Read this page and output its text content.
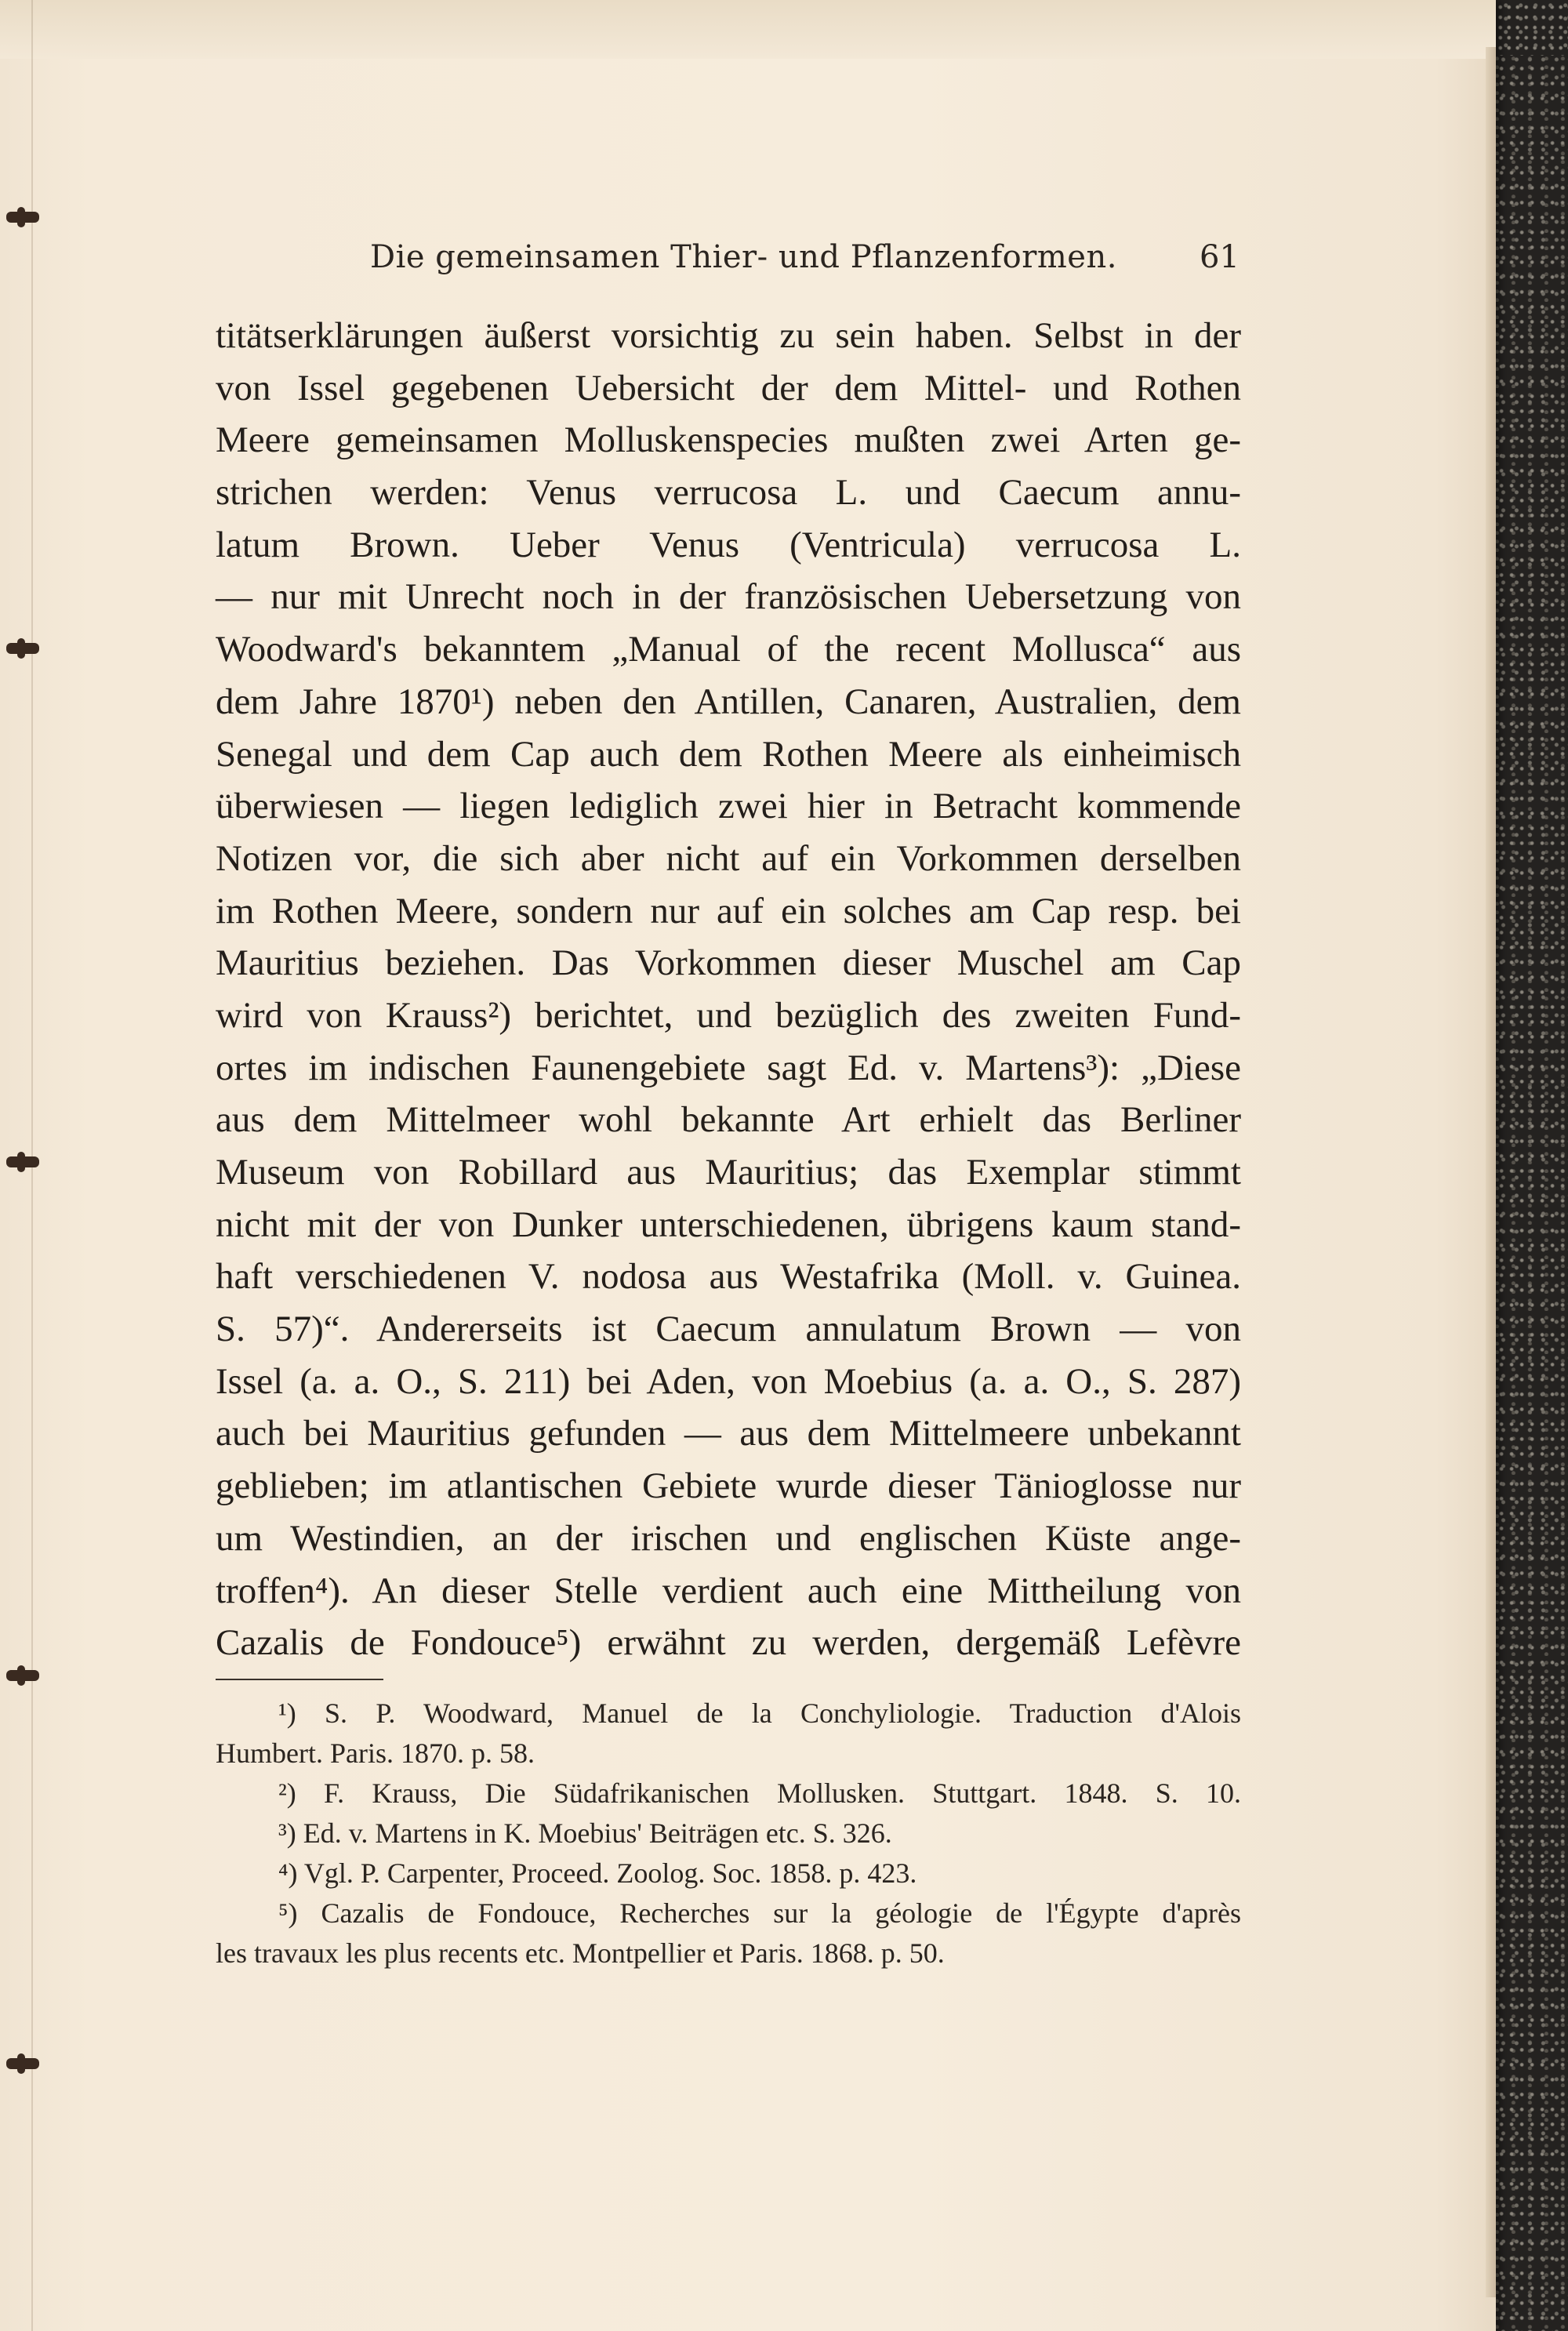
Die gemeinsamen Thier- und Pflanzenformen.	61
titätserklärungen äußerst vorsichtig zu sein haben. Selbst in der
von Issel gegebenen Uebersicht der dem Mittel- und Rothen
Meere gemeinsamen Molluskenspecies mußten zwei Arten ge-
strichen werden: Venus verrucosa L. und Caecum annu-
latum Brown. Ueber Venus (Ventricula) verrucosa L.
— nur mit Unrecht noch in der französischen Uebersetzung von
Woodward's bekanntem „Manual of the recent Mollusca“ aus
dem Jahre 1870¹) neben den Antillen, Canaren, Australien, dem
Senegal und dem Cap auch dem Rothen Meere als einheimisch
überwiesen — liegen lediglich zwei hier in Betracht kommende
Notizen vor, die sich aber nicht auf ein Vorkommen derselben
im Rothen Meere, sondern nur auf ein solches am Cap resp. bei
Mauritius beziehen. Das Vorkommen dieser Muschel am Cap
wird von Krauss²) berichtet, und bezüglich des zweiten Fund-
ortes im indischen Faunengebiete sagt Ed. v. Martens³): „Diese
aus dem Mittelmeer wohl bekannte Art erhielt das Berliner
Museum von Robillard aus Mauritius; das Exemplar stimmt
nicht mit der von Dunker unterschiedenen, übrigens kaum stand-
haft verschiedenen V. nodosa aus Westafrika (Moll. v. Guinea.
S. 57)“. Andererseits ist Caecum annulatum Brown — von
Issel (a. a. O., S. 211) bei Aden, von Moebius (a. a. O., S. 287)
auch bei Mauritius gefunden — aus dem Mittelmeere unbekannt
geblieben; im atlantischen Gebiete wurde dieser Tänioglosse nur
um Westindien, an der irischen und englischen Küste ange-
troffen⁴). An dieser Stelle verdient auch eine Mittheilung von
Cazalis de Fondouce⁵) erwähnt zu werden, dergemäß Lefèvre
¹) S. P. Woodward, Manuel de la Conchyliologie. Traduction d'Alois
Humbert. Paris. 1870. p. 58.
²) F. Krauss, Die Südafrikanischen Mollusken. Stuttgart. 1848. S. 10.
³) Ed. v. Martens in K. Moebius' Beiträgen etc. S. 326.
⁴) Vgl. P. Carpenter, Proceed. Zoolog. Soc. 1858. p. 423.
⁵) Cazalis de Fondouce, Recherches sur la géologie de l'Égypte d'après
les travaux les plus recents etc. Montpellier et Paris. 1868. p. 50.
